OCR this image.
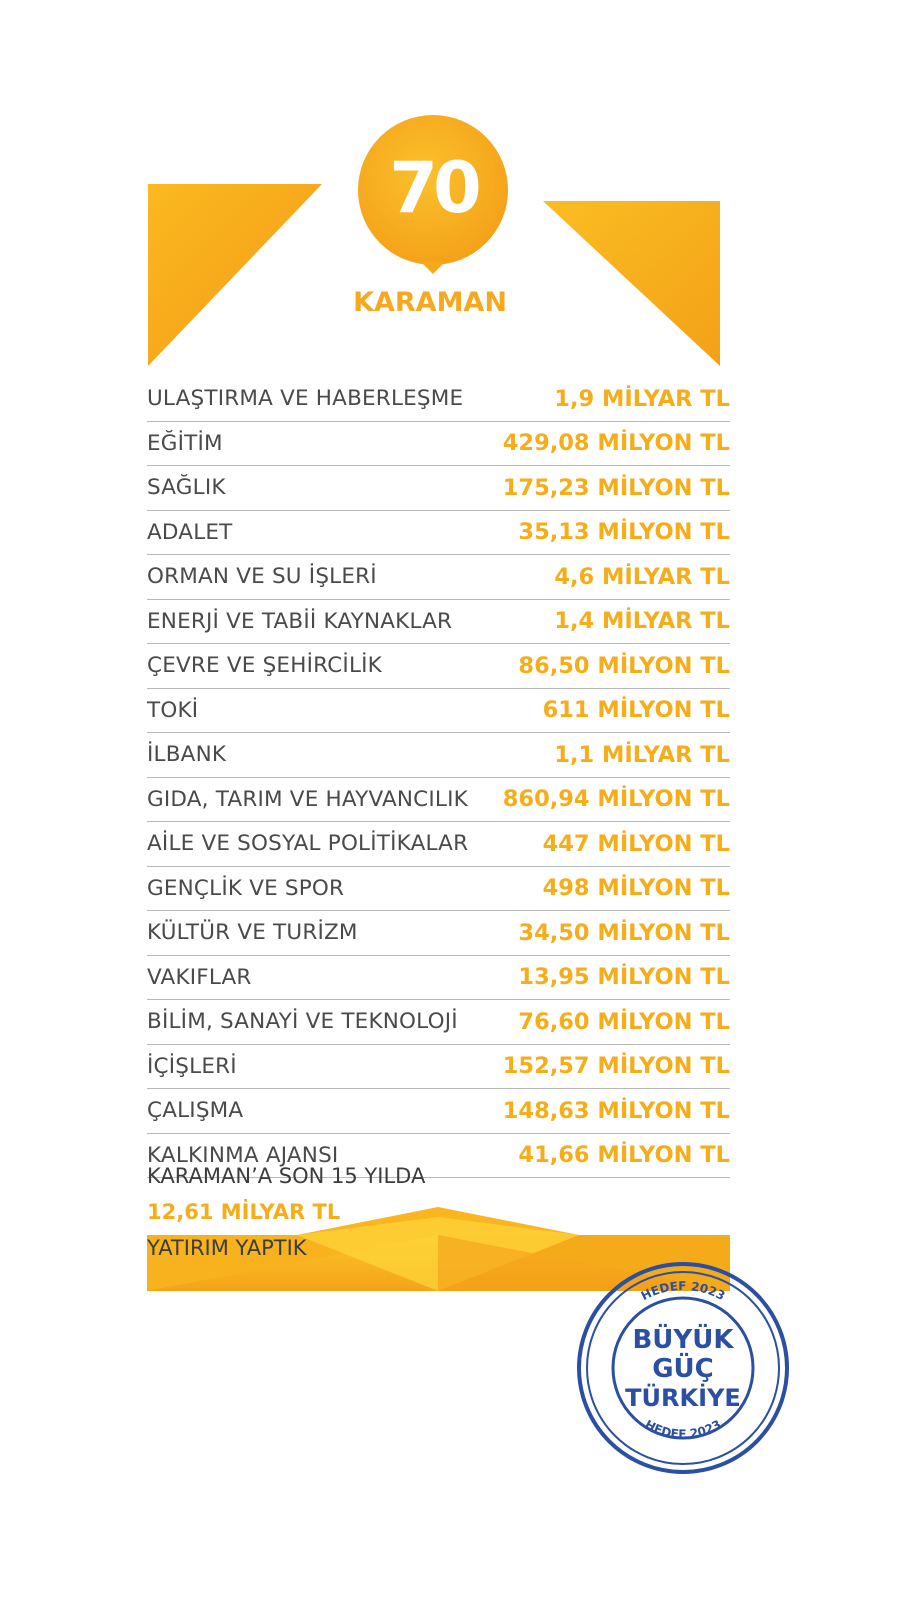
70
KARAMAN
ULAŞTIRMA VE HABERLEŞME	1,9 MİLYAR TL
EĞİTİM	429,08 MİLYON TL
SAĞLIK	175,23 MİLYON TL
ADALET	35,13 MİLYON TL
ORMAN VE SU İŞLERİ	4,6 MİLYAR TL
ENERJİ VE TABİİ KAYNAKLAR	1,4 MİLYAR TL
ÇEVRE VE ŞEHİRCİLİK	86,50 MİLYON TL
TOKİ	611 MİLYON TL
İLBANK	1,1 MİLYAR TL
GIDA, TARIM VE HAYVANCILIK 860,94 MİLYON TL
AİLE VE SOSYAL POLİTİKALAR	447 MİLYON TL
GENÇLİK VE SPOR	498 MİLYON TL
KÜLTÜR VE TURİZM	34,50 MİLYON TL
VAKIFLAR	13,95 MİLYON TL
BİLİM, SANAYİ VE TEKNOLOJİ	76,60 MİLYON TL
İÇİŞLERİ	152,57 MİLYON TL
ÇALIŞMA	148,63 MİLYON TL
KALKINMA AJANSI	41,66 MİLYON TL
KARAMAN’A SON 15 YILDA
12,61 MİLYAR TL
YATIRIM YAPTIK
HEDEF 2023
HEDEF 2023
BÜYÜK
GÜÇ
TÜRKİYE
